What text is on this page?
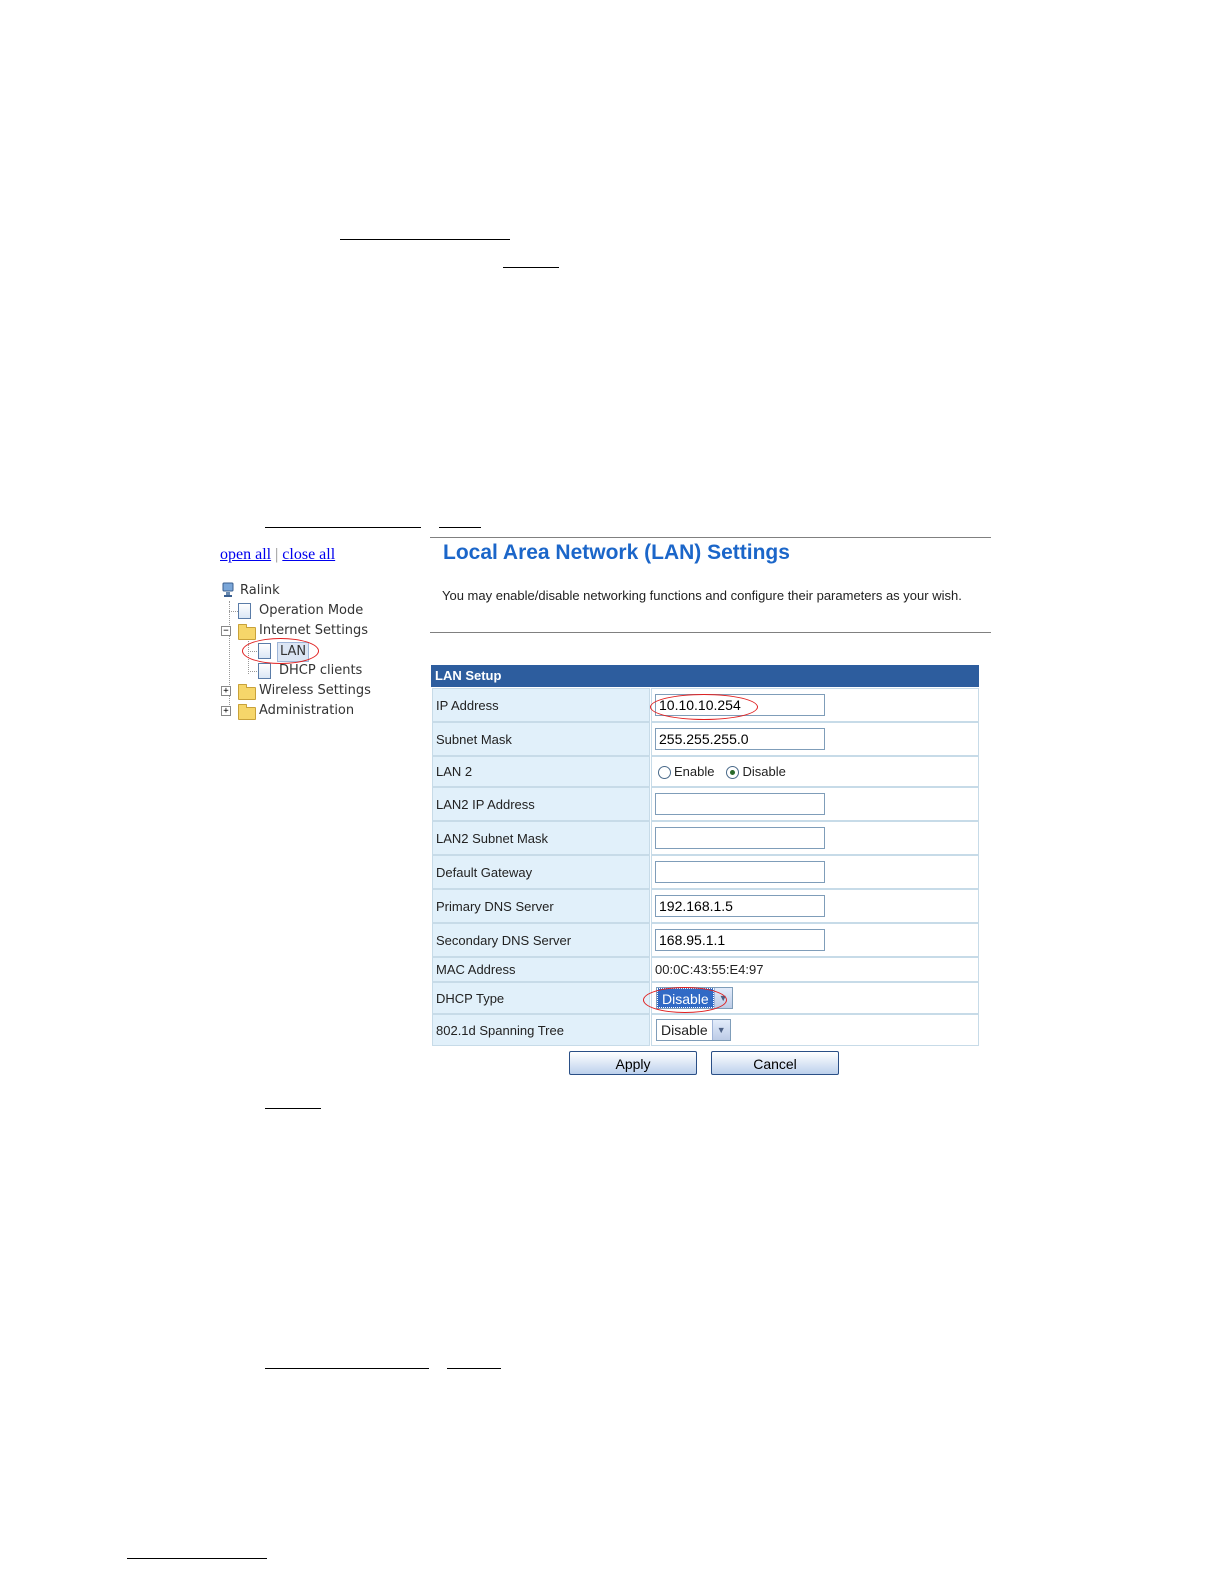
open all | close all
Ralink
Operation Mode
− Internet Settings
LAN
DHCP clients
+ Wireless Settings
+ Administration
Local Area Network (LAN) Settings
You may enable/disable networking functions and configure their parameters as your wish.
LAN Setup
IP Address	10.10.10.254
Subnet Mask	255.255.255.0
LAN 2	Enable	Disable
LAN2 IP Address
LAN2 Subnet Mask
Default Gateway
Primary DNS Server	192.168.1.5
Secondary DNS Server	168.95.1.1
MAC Address	00:0C:43:55:E4:97
DHCP Type	Disable	▼
802.1d Spanning Tree	Disable	▼
Apply	Cancel
